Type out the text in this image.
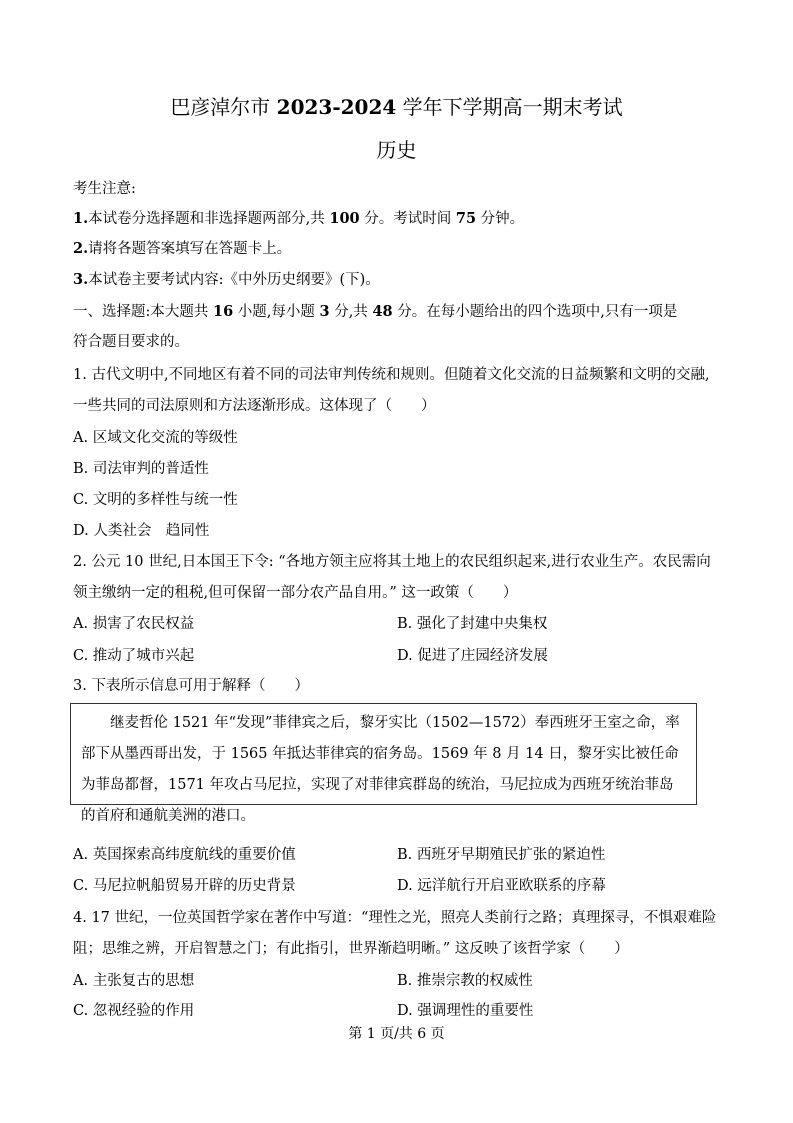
巴彦淖尔市 2023-2024 学年下学期高一期末考试
历史
考生注意:
1.本试卷分选择题和非选择题两部分,共 100 分。考试时间 75 分钟。
2.请将各题答案填写在答题卡上。
3.本试卷主要考试内容:《中外历史纲要》(下)。
一、选择题:本大题共 16 小题,每小题 3 分,共 48 分。在每小题给出的四个选项中,只有一项是
符合题目要求的。
1. 古代文明中,不同地区有着不同的司法审判传统和规则。但随着文化交流的日益频繁和文明的交融,一些共同的司法原则和方法逐渐形成。这体现了（　　）
A. 区域文化交流的等级性
B. 司法审判的普适性
C. 文明的多样性与统一性
D. 人类社会　趋同性
2. 公元 10 世纪,日本国王下令: “各地方领主应将其土地上的农民组织起来,进行农业生产。农民需向领主缴纳一定的租税,但可保留一部分农产品自用。” 这一政策（　　）
A. 损害了农民权益	B. 强化了封建中央集权
C. 推动了城市兴起	D. 促进了庄园经济发展
3. 下表所示信息可用于解释（　　）
继麦哲伦 1521 年“发现”菲律宾之后，黎牙实比（1502—1572）奉西班牙王室之命，率部下从墨西哥出发，于 1565 年抵达菲律宾的宿务岛。1569 年 8 月 14 日，黎牙实比被任命为菲岛都督，1571 年攻占马尼拉，实现了对菲律宾群岛的统治，马尼拉成为西班牙统治菲岛的首府和通航美洲的港口。
A. 英国探索高纬度航线的重要价值	B. 西班牙早期殖民扩张的紧迫性
C. 马尼拉帆船贸易开辟的历史背景	D. 远洋航行开启亚欧联系的序幕
4. 17 世纪，一位英国哲学家在著作中写道：“理性之光，照亮人类前行之路；真理探寻，不惧艰难险阻；思维之辨，开启智慧之门；有此指引，世界渐趋明晰。” 这反映了该哲学家（　　）
A. 主张复古的思想	B. 推崇宗教的权威性
C. 忽视经验的作用	D. 强调理性的重要性
第 1 页/共 6 页
